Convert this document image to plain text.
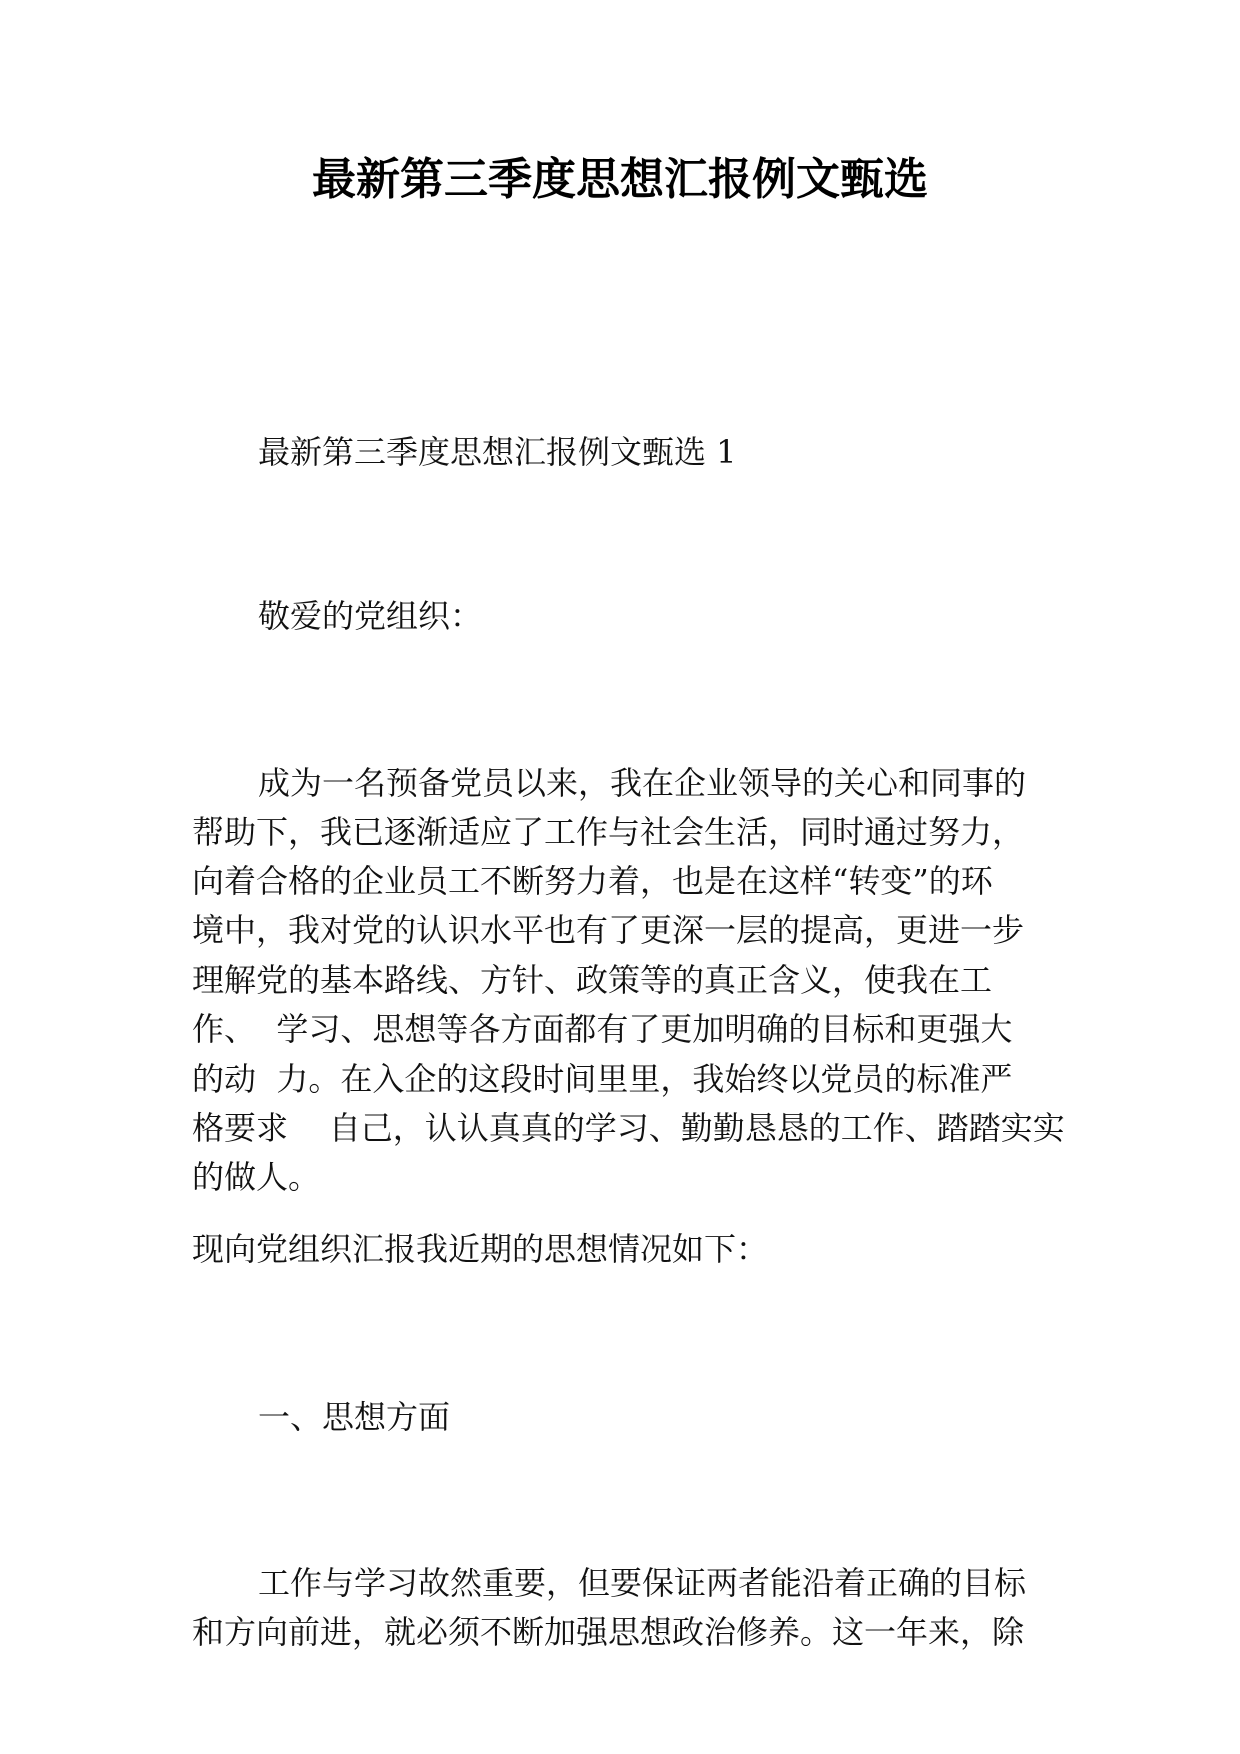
最新第三季度思想汇报例文甄选
最新第三季度思想汇报例文甄选 1
敬爱的党组织：
成为一名预备党员以来，我在企业领导的关心和同事的
帮助下，我已逐渐适应了工作与社会生活，同时通过努力，
向着合格的企业员工不断努力着，也是在这样“转变”的环
境中，我对党的认识水平也有了更深一层的提高，更进一步
理解党的基本路线、方针、政策等的真正含义，使我在工
作、  学习、思想等各方面都有了更加明确的目标和更强大
的动  力。在入企的这段时间里里，我始终以党员的标准严
格要求    自己，认认真真的学习、勤勤恳恳的工作、踏踏实实
的做人。
现向党组织汇报我近期的思想情况如下：
一、思想方面
工作与学习故然重要，但要保证两者能沿着正确的目标
和方向前进，就必须不断加强思想政治修养。这一年来，除
